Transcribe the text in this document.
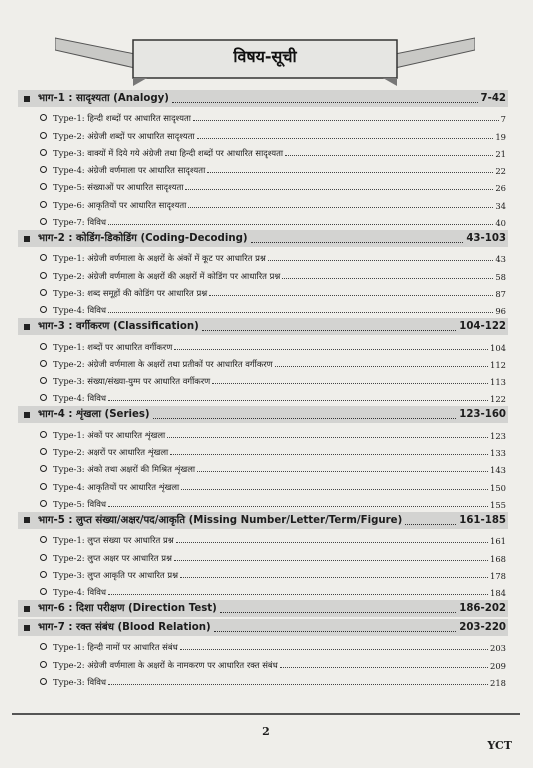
विषय-सूची
भाग-1 : सादृश्यता (Analogy)	7-42
Type-1: हिन्दी शब्दों पर आधारित सादृश्यता	7
Type-2: अंग्रेजी शब्दों पर आधारित सादृश्यता	19
Type-3: वाक्यों में दिये गये अंग्रेजी तथा हिन्दी शब्दों पर आधारित सादृश्यता	21
Type-4: अंग्रेजी वर्णमाला पर आधारित सादृश्यता	22
Type-5: संख्याओं पर आधारित सादृश्यता	26
Type-6: आकृतियों पर आधारित सादृश्यता	34
Type-7: विविध	40
भाग-2 : कोडिंग-डिकोडिंग (Coding-Decoding)	43-103
Type-1: अंग्रेजी वर्णमाला के अक्षरों के अंकों में कूट पर आधारित प्रश्न	43
Type-2: अंग्रेजी वर्णमाला के अक्षरों की अक्षरों में कोडिंग पर आधारित प्रश्न	58
Type-3: शब्द समूहों की कोडिंग पर आधारित प्रश्न	87
Type-4: विविध	96
भाग-3 : वर्गीकरण (Classification)	104-122
Type-1: शब्दों पर आधारित वर्गीकरण	104
Type-2: अंग्रेजी वर्णमाला के अक्षरों तथा प्रतीकों पर आधारित वर्गीकरण	112
Type-3: संख्या/संख्या-युग्म पर आधारित वर्गीकरण	113
Type-4: विविध	122
भाग-4 : शृंखला (Series)	123-160
Type-1: अंकों पर आधारित शृंखला	123
Type-2: अक्षरों पर आधारित शृंखला	133
Type-3: अंको तथा अक्षरों की मिश्रित शृंखला	143
Type-4: आकृतियों पर आधारित शृंखला	150
Type-5: विविध	155
भाग-5 : लुप्त संख्या/अक्षर/पद/आकृति (Missing Number/Letter/Term/Figure)	161-185
Type-1: लुप्त संख्या पर आधारित प्रश्न	161
Type-2: लुप्त अक्षर पर आधारित प्रश्न	168
Type-3: लुप्त आकृति पर आधारित प्रश्न	178
Type-4: विविध	184
भाग-6 : दिशा परीक्षण (Direction Test)	186-202
भाग-7 : रक्त संबंध (Blood Relation)	203-220
Type-1: हिन्दी नामों पर आधारित संबंध	203
Type-2: अंग्रेजी वर्णमाला के अक्षरों के नामकरण पर आधारित रक्त संबंध	209
Type-3: विविध	218
2
YCT
